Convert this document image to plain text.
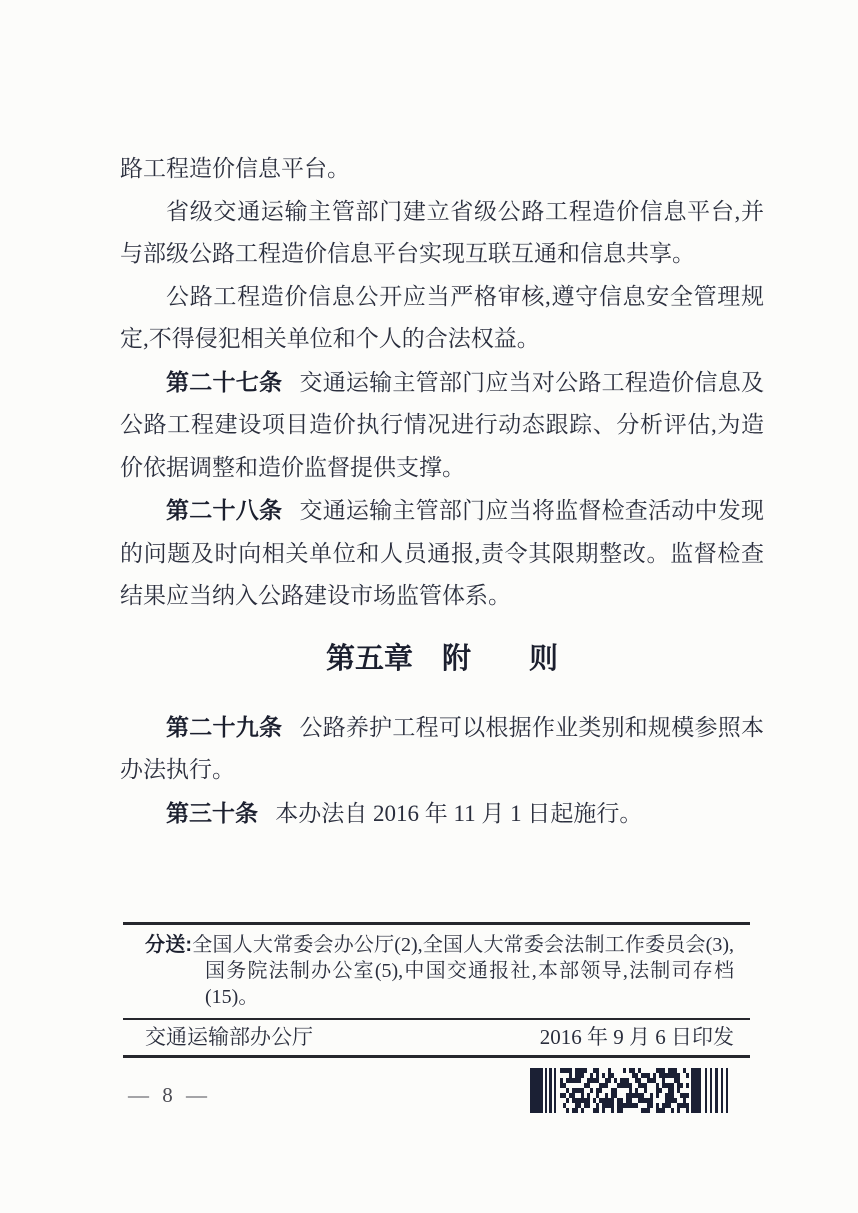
路工程造价信息平台。

省级交通运输主管部门建立省级公路工程造价信息平台,并与部级公路工程造价信息平台实现互联互通和信息共享。

公路工程造价信息公开应当严格审核,遵守信息安全管理规定,不得侵犯相关单位和个人的合法权益。

第二十七条 交通运输主管部门应当对公路工程造价信息及公路工程建设项目造价执行情况进行动态跟踪、分析评估,为造价依据调整和造价监督提供支撑。

第二十八条 交通运输主管部门应当将监督检查活动中发现的问题及时向相关单位和人员通报,责令其限期整改。监督检查结果应当纳入公路建设市场监管体系。

第五章　附　　则

第二十九条 公路养护工程可以根据作业类别和规模参照本办法执行。

第三十条 本办法自 2016 年 11 月 1 日起施行。

分送:全国人大常委会办公厅(2),全国人大常委会法制工作委员会(3),国务院法制办公室(5),中国交通报社,本部领导,法制司存档(15)。
交通运输部办公厅	2016 年 9 月 6 日印发
— 8 —
